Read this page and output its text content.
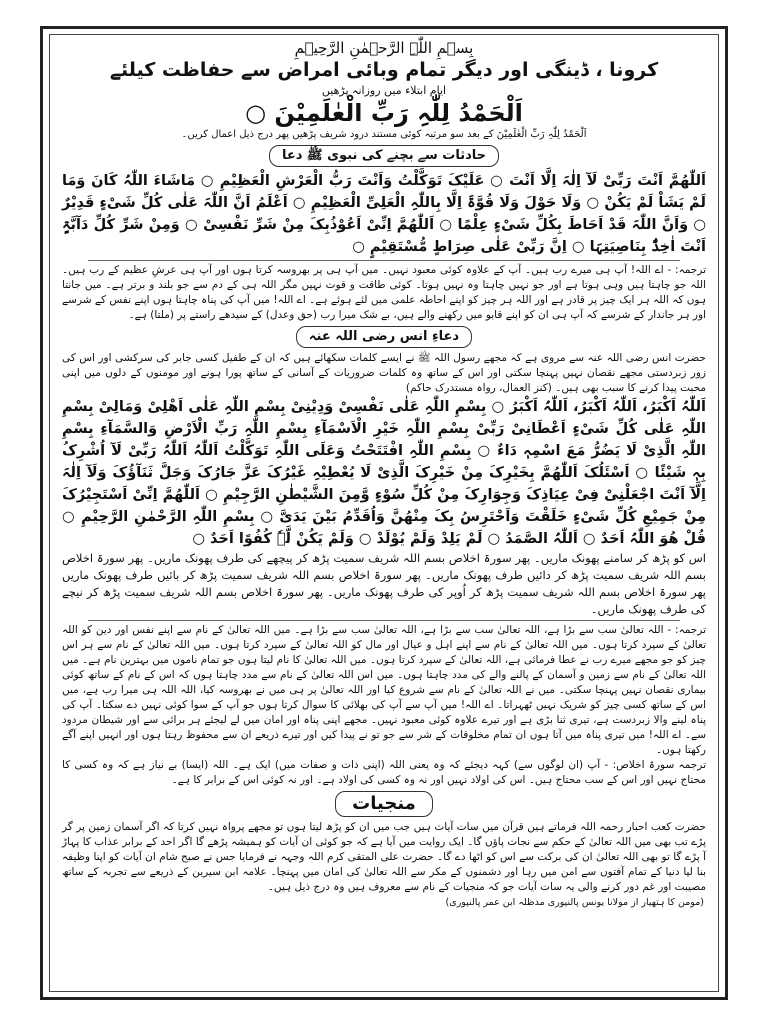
بِسۡمِ اللّٰہِ الرَّحۡمٰنِ الرَّحِیۡمِ
کرونا ، ڈینگی اور دیگر تمام وبائی امراض سے حفاظت کیلئے
ایام ابتلاء میں روزانہ پڑھیں
اَلْحَمْدُ لِلّٰہِ رَبِّ الْعٰلَمِیْنَ ○
اَلْحَمْدُ لِلّٰہِ رَبِّ الْعٰلَمِیْنَ کے بعد سو مرتبہ کوئی مستند درود شریف پڑھیں پھر درج ذیل اعمال کریں۔
حادثات سے بچنے کی نبوی ﷺ دعا
اَللّٰھُمَّ اَنْتَ رَبِّیْ لَآ اِلٰہَ اِلَّا اَنْتَ ○ عَلَیْکَ تَوَکَّلْتُ وَاَنْتَ رَبُّ الْعَرْشِ الْعَظِیْمِ ○ مَاشَاءَ اللّٰہُ کَانَ وَمَا لَمْ یَشَاْ لَمْ یَکُنْ ○ وَلَا حَوْلَ وَلَا قُوَّۃَ اِلَّا بِاللّٰہِ الْعَلِیِّ الْعَظِیْمِ ○ اَعْلَمُ اَنَّ اللّٰہَ عَلٰی کُلِّ شَیْءٍ قَدِیْرٌ ○ وَاَنَّ اللّٰہَ قَدْ اَحَاطَ بِکُلِّ شَیْءٍ عِلْمًا ○ اَللّٰھُمَّ اِنِّیْ اَعُوْذُبِکَ مِنْ شَرِّ نَفْسِیْ ○ وَمِنْ شَرِّ کُلِّ دَآبَّۃٍ اَنْتَ اٰخِذٌۢ بِنَاصِیَتِہَا ○ اِنَّ رَبِّیْ عَلٰی صِرَاطٍ مُّسْتَقِیْمٍ ○
ترجمہ: - اے اللہ! آپ ہی میرے رب ہیں۔ آپ کے علاوہ کوئی معبود نہیں۔ میں آپ ہی پر بھروسہ کرتا ہوں اور آپ ہی عرشِ عظیم کے رب ہیں۔ اللہ جو چاہتا ہیں وہی ہوتا ہے اور جو نہیں چاہتا وہ نہیں ہوتا۔ کوئی طاقت و قوت نہیں مگر اللہ ہی کے دم سے جو بلند و برتر ہے۔ میں جانتا ہوں کہ اللہ ہر ایک چیز پر قادر ہے اور اللہ ہر چیز کو اپنے احاطہ علمی میں لئے ہوئے ہے۔ اے اللہ! میں آپ کی پناہ چاہتا ہوں اپنے نفس کے شرسے اور ہر جاندار کے شرسے کہ آپ ہی ان کو اپنے قابو میں رکھنے والے ہیں، بے شک میرا رب (حق وعدل) کے سیدھے راستے پر (ملتا) ہے۔
دعاءِ انس رضی اللہ عنہ
حضرت انس رضی اللہ عنہ سے مروی ہے کہ مجھے رسول اللہ ﷺ نے ایسے کلمات سکھائے ہیں کہ ان کے طفیل کسی جابر کی سرکشی اور اس کی زور زبردستی مجھے نقصان نہیں پہنچا سکتی اور اس کے ساتھ وہ کلمات ضروریات کے آسانی کے ساتھ پورا ہونے اور مومنوں کے دلوں میں اپنی محبت پیدا کرنے کا سبب بھی ہیں۔ (کنز العمال، رواہ مستدرک حاکم)
اَللّٰہُ اَکْبَرُ، اَللّٰہُ اَکْبَرُ، اَللّٰہُ اَکْبَرُ ○ بِسْمِ اللّٰہِ عَلٰی نَفْسِیْ وَدِیْنِیْ بِسْمِ اللّٰہِ عَلٰی اَھْلِیْ وَمَالِیْ بِسْمِ اللّٰہِ عَلٰی کُلِّ شَیْءٍ اَعْطَانِیْ رَبِّیْ بِسْمِ اللّٰہِ خَیْرِ الْاَسْمَآءِ بِسْمِ اللّٰہِ رَبِّ الْاَرْضِ وَالسَّمَآءِ بِسْمِ اللّٰہِ الَّذِیْ لَا یَضُرُّ مَعَ اسْمِہٖ دَاءٌ ○ بِسْمِ اللّٰہِ افْتَتَحْتُ وَعَلَی اللّٰہِ تَوَکَّلْتُ اَللّٰہُ اَللّٰہُ رَبِّیْ لَآ اُشْرِکُ بِہٖ شَیْئًا ○ اَسْئَلُکَ اَللّٰھُمَّ بِخَیْرِکَ مِنْ خَیْرِکَ الَّذِیْ لَا یُعْطِیْہِ غَیْرُکَ عَزَّ جَارُکَ وَجَلَّ ثَنَآؤُکَ وَلَآ اِلٰہَ اِلَّآ اَنْتَ اجْعَلْنِیْ فِیْ عِیَاذِکَ وَجِوَارِکَ مِنْ کُلِّ سُوْءٍ وَّمِنَ الشَّیْطٰنِ الرَّجِیْمِ ○ اَللّٰھُمَّ اِنِّیْ اَسْتَجِیْرُکَ مِنْ جَمِیْعِ کُلِّ شَیْءٍ خَلَقْتَ وَاَحْتَرِسُ بِکَ مِنْھُنَّ وَاُقَدِّمُ بَیْنَ یَدَیَّ ○ بِسْمِ اللّٰہِ الرَّحْمٰنِ الرَّحِیْمِ ○ قُلْ ھُوَ اللّٰہُ اَحَدٌ ○ اَللّٰہُ الصَّمَدُ ○ لَمْ یَلِدْ وَلَمْ یُوْلَدْ ○ وَلَمْ یَکُنْ لَّہٗ کُفُوًا اَحَدٌ ○
اس کو پڑھ کر سامنے پھونک ماریں۔ پھر سورۃ اخلاص بسم اللہ شریف سمیت پڑھ کر پیچھے کی طرف پھونک ماریں۔ پھر سورۃ اخلاص بسم اللہ شریف سمیت پڑھ کر دائیں طرف پھونک ماریں۔ پھر سورۃ اخلاص بسم اللہ شریف سمیت پڑھ کر بائیں طرف پھونک ماریں پھر سورۃ اخلاص بسم اللہ شریف سمیت پڑھ کر اُوپر کی طرف پھونک ماریں۔ پھر سورۃ اخلاص بسم اللہ شریف سمیت پڑھ کر نیچے کی طرف پھونک ماریں۔
ترجمہ: - اللہ تعالیٰ سب سے بڑا ہے، اللہ تعالیٰ سب سے بڑا ہے، اللہ تعالیٰ سب سے بڑا ہے۔ میں اللہ تعالیٰ کے نام سے اپنے نفس اور دین کو اللہ تعالیٰ کے سپرد کرتا ہوں۔ میں اللہ تعالیٰ کے نام سے اپنے اہل و عیال اور مال کو اللہ تعالیٰ کے سپرد کرتا ہوں۔ میں اللہ تعالیٰ کے نام سے ہر اس چیز کو جو مجھے میرے رب نے عطا فرمائی ہے، اللہ تعالیٰ کے سپرد کرتا ہوں۔ میں اللہ تعالیٰ کا نام لیتا ہوں جو تمام ناموں میں بہترین نام ہے۔ میں اللہ تعالیٰ کے نام سے زمین و آسمان کے پالنے والے کی مدد چاہتا ہوں۔ میں اس اللہ تعالیٰ کے نام سے مدد چاہتا ہوں کہ اس کے نام کے ساتھ کوئی بیماری نقصان نہیں پہنچا سکتی۔ میں نے اللہ تعالیٰ کے نام سے شروع کیا اور اللہ تعالیٰ پر ہی میں نے بھروسہ کیا، اللہ اللہ ہی میرا رب ہے، میں اس کے ساتھ کسی چیز کو شریک نہیں ٹھہراتا۔ اے اللہ! میں آپ سے آپ کی بھلائی کا سوال کرتا ہوں جو آپ کے سوا کوئی نہیں دے سکتا۔ آپ کی پناہ لینے والا زبردست ہے، تیری ثنا بڑی ہے اور تیرے علاوہ کوئی معبود نہیں۔ مجھے اپنی پناہ اور امان میں لے لیجئے ہر برائی سے اور شیطان مردود سے۔ اے اللہ! میں تیری پناہ میں آتا ہوں ان تمام مخلوقات کے شر سے جو تو نے پیدا کیں اور تیرے ذریعے ان سے محفوظ رہتا ہوں اور انہیں اپنے آگے رکھتا ہوں۔
ترجمہ سورۃ اخلاص: - آپ (ان لوگوں سے) کہہ دیجئے کہ وہ یعنی اللہ (اپنی ذات و صفات میں) ایک ہے۔ اللہ (ایسا) بے نیاز ہے کہ وہ کسی کا محتاج نہیں اور اس کے سب محتاج ہیں۔ اس کی اولاد نہیں اور نہ وہ کسی کی اولاد ہے۔ اور نہ کوئی اس کے برابر کا ہے۔
منجیات
حضرت کعب احبار رحمہ اللہ فرماتے ہیں قرآن میں سات آیات ہیں جب میں ان کو پڑھ لیتا ہوں تو مجھے پرواہ نہیں کرتا کہ اگر آسمان زمین پر گر پڑے تب بھی میں اللہ تعالیٰ کے حکم سے نجات پاؤں گا۔ ایک روایت میں آیا ہے کہ جو کوئی ان آیات کو ہمیشہ پڑھے گا اگر احد کے برابر عذاب کا پہاڑ آ پڑے گا تو بھی اللہ تعالیٰ ان کی برکت سے اس کو اٹھا دے گا۔ حضرت علی المتقی کرم اللہ وجہہ نے فرمایا جس نے صبح شام ان آیات کو اپنا وظیفہ بنا لیا دنیا کے تمام آفتوں سے امن میں رہا اور دشمنوں کے مکر سے اللہ تعالیٰ کی امان میں پہنچا۔ علامہ ابن سیرین کے ذریعے سے تجربہ کے ساتھ مصیبت اور غم دور کرنے والی یہ سات آیات جو کہ منجیات کے نام سے معروف ہیں وہ درج ذیل ہیں۔
(مومن کا ہتھیار از مولانا یونس پالنپوری مدظلہ ابن عمر پالنپوری)
